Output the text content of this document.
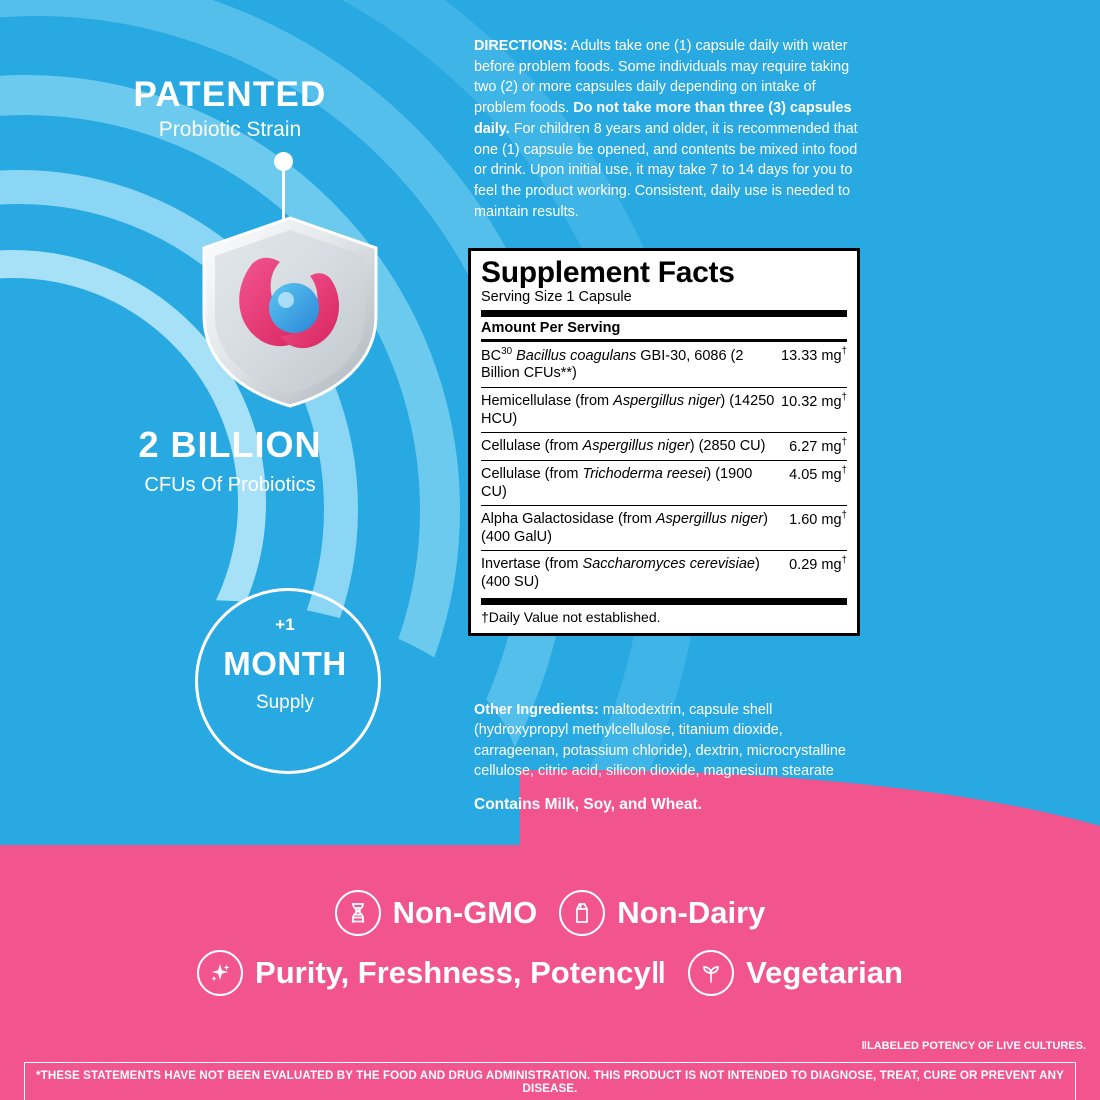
PATENTED
Probiotic Strain
2 BILLION
CFUs Of Probiotics
+1
MONTH
Supply
DIRECTIONS: Adults take one (1) capsule daily with water before problem foods. Some individuals may require taking two (2) or more capsules daily depending on intake of problem foods. Do not take more than three (3) capsules daily. For children 8 years and older, it is recommended that one (1) capsule be opened, and contents be mixed into food or drink. Upon initial use, it may take 7 to 14 days for you to feel the product working. Consistent, daily use is needed to maintain results.
Supplement Facts
Serving Size 1 Capsule
Amount Per Serving
BC$^{30}$ Bacillus coagulans GBI-30, 6086 (2 Billion CFUs**)	13.33 mg†
Hemicellulase (from Aspergillus niger) (14250 HCU)	10.32 mg†
Cellulase (from Aspergillus niger) (2850 CU)	6.27 mg†
Cellulase (from Trichoderma reesei) (1900 CU)	4.05 mg†
Alpha Galactosidase (from Aspergillus niger) (400 GalU)	1.60 mg†
Invertase (from Saccharomyces cerevisiae) (400 SU)	0.29 mg†
†Daily Value not established.
Other Ingredients: maltodextrin, capsule shell (hydroxypropyl methylcellulose, titanium dioxide, carrageenan, potassium chloride), dextrin, microcrystalline cellulose, citric acid, silicon dioxide, magnesium stearate
Contains Milk, Soy, and Wheat.
Non-GMO	Non-Dairy
Purity, Freshness, Potency‖	Vegetarian
‖LABELED POTENCY OF LIVE CULTURES.
*THESE STATEMENTS HAVE NOT BEEN EVALUATED BY THE FOOD AND DRUG ADMINISTRATION. THIS PRODUCT IS NOT INTENDED TO DIAGNOSE, TREAT, CURE OR PREVENT ANY DISEASE.
